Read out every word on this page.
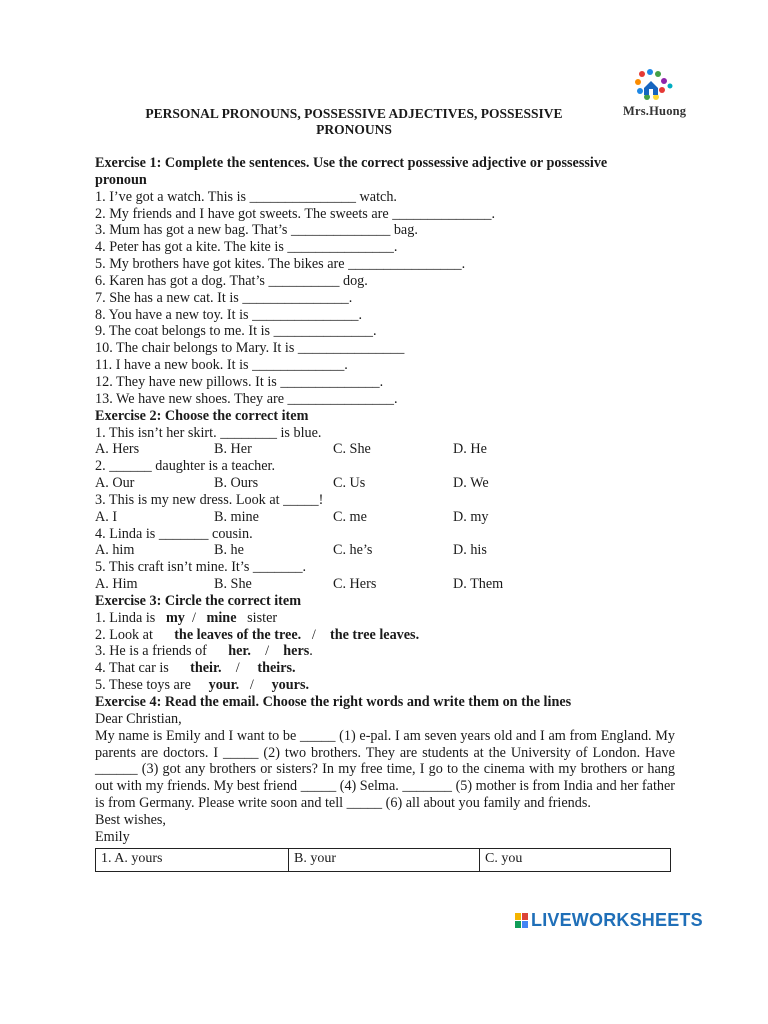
Mrs.Huong
PERSONAL PRONOUNS, POSSESSIVE ADJECTIVES, POSSESSIVE
PRONOUNS
Exercise 1: Complete the sentences. Use the correct possessive adjective or possessive
pronoun
1. I’ve got a watch. This is _______________ watch.
2. My friends and I have got sweets. The sweets are ______________.
3. Mum has got a new bag. That’s ______________ bag.
4. Peter has got a kite. The kite is _______________.
5. My brothers have got kites. The bikes are ________________.
6. Karen has got a dog. That’s __________ dog.
7. She has a new cat. It is _______________.
8. You have a new toy. It is _______________.
9. The coat belongs to me. It is ______________.
10. The chair belongs to Mary. It is _______________
11. I have a new book. It is _____________.
12. They have new pillows. It is ______________.
13. We have new shoes. They are _______________.
Exercise 2: Choose the correct item
1. This isn’t her skirt. ________ is blue.
A. Hers	B. Her	C. She	D. He
2. ______ daughter is a teacher.
A. Our	B. Ours	C. Us	D. We
3. This is my new dress. Look at _____!
A. I	B. mine	C. me	D. my
4. Linda is _______ cousin.
A. him	B. he	C. he’s	D. his
5. This craft isn’t mine. It’s _______.
A. Him	B. She	C. Hers	D. Them
Exercise 3: Circle the correct item
1. Linda is my  /   mine sister
2. Look at the leaves of the tree.   /    the tree leaves.
3. He is a friends of her.    /    hers.
4. That car is their.    /     theirs.
5. These toys are your.   /     yours.
Exercise 4: Read the email. Choose the right words and write them on the lines
Dear Christian,
My name is Emily and I want to be _____ (1) e-pal. I am seven years old and I am from England. My parents are doctors. I _____ (2) two brothers. They are students at the University of London. Have ______ (3) got any brothers or sisters? In my free time, I go to the cinema with my brothers or hang out with my friends. My best friend _____ (4) Selma. _______ (5) mother is from India and her father is from Germany. Please write soon and tell _____ (6) all about you family and friends.
Best wishes,
Emily
1. A. yours	B. your	C. you
LIVEWORKSHEETS
